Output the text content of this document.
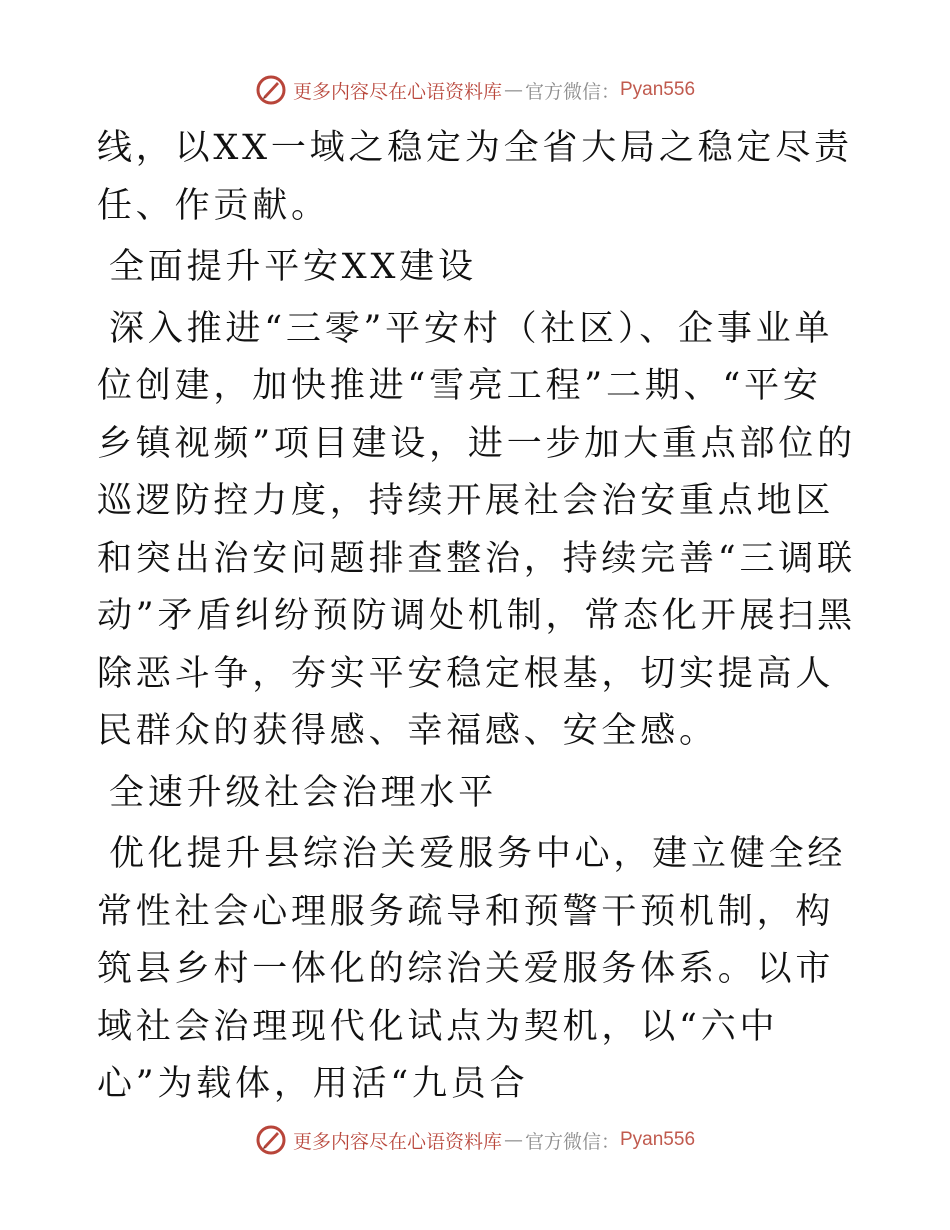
更多内容尽在心语资料库 — 官方微信： Pyan556

线，以XX一域之稳定为全省大局之稳定尽责任、作贡献。

全面提升平安XX建设

深入推进“三零”平安村（社区）、企事业单位创建，加快推进“雪亮工程”二期、“平安乡镇视频”项目建设，进一步加大重点部位的巡逻防控力度，持续开展社会治安重点地区和突出治安问题排查整治，持续完善“三调联动”矛盾纠纷预防调处机制，常态化开展扫黑除恶斗争，夯实平安稳定根基，切实提高人民群众的获得感、幸福感、安全感。

全速升级社会治理水平

优化提升县综治关爱服务中心，建立健全经常性社会心理服务疏导和预警干预机制，构筑县乡村一体化的综治关爱服务体系。以市域社会治理现代化试点为契机，以“六中心”为载体，用活“九员合

更多内容尽在心语资料库 — 官方微信： Pyan556
